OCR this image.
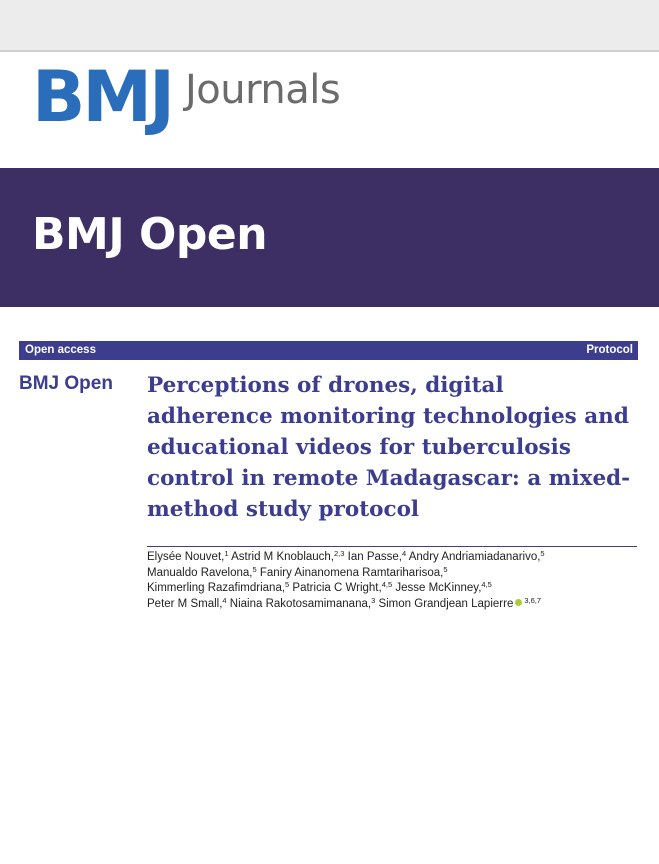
BMJ Journals
BMJ Open
Open access	Protocol
BMJ Open Perceptions of drones, digital adherence monitoring technologies and educational videos for tuberculosis control in remote Madagascar: a mixed-method study protocol

Elysée Nouvet,$^1$ Astrid M Knoblauch,$^{2,3}$ Ian Passe,$^4$ Andry Andriamiadanarivo,$^5$
Manualdo Ravelona,$^5$ Faniry Ainanomena Ramtariharisoa,$^5$
Kimmerling Razafimdriana,$^5$ Patricia C Wright,$^{4,5}$ Jesse McKinney,$^{4,5}$
Peter M Small,$^4$ Niaina Rakotosamimanana,$^3$ Simon Grandjean Lapierre $^{3,6,7}$
